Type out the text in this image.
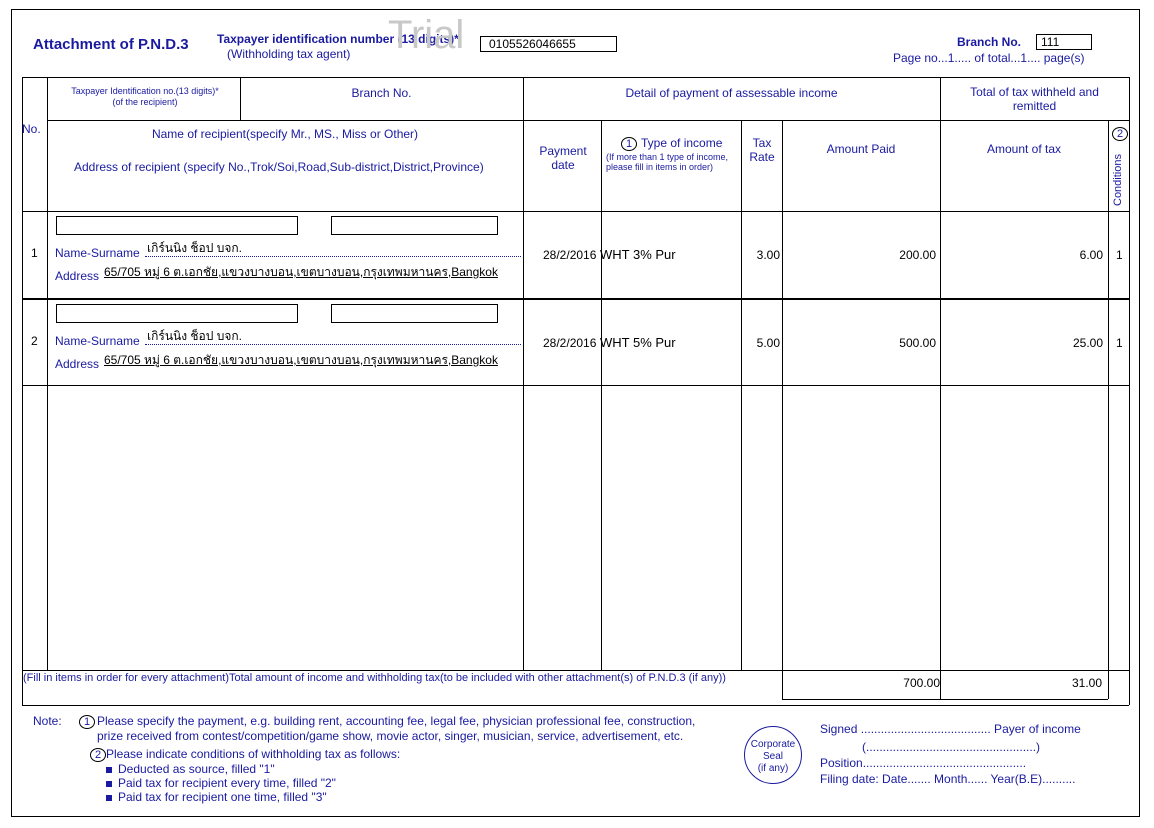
Attachment of P.N.D.3 Taxpayer identification number (13 digits)*
(Withholding tax agent) Trial	0105526046655	Branch No.	111
Page no...1..... of total...1.... page(s)
No.
Taxpayer Identification no.(13 digits)*
(of the recipient)
Branch No.	Detail of payment of assessable income	Total of tax withheld and remitted
Name of recipient(specify Mr., MS., Miss or Other)
Address of recipient (specify No.,Trok/Soi,Road,Sub-district,District,Province)
Payment date
1 Type of income
(If more than 1 type of income, please fill in items in order)
Tax Rate
Amount Paid	Amount of tax
2
Conditions
1 Name-Surname เกิร์นนิง ช็อป บจก.
Address 65/705 หมู่ 6 ต.เอกชัย,แขวงบางบอน,เขตบางบอน,กรุงเทพมหานคร,Bangkok
28/2/2016 WHT 3% Pur	3.00	200.00	6.00 1
2 Name-Surname เกิร์นนิง ช็อป บจก.
Address 65/705 หมู่ 6 ต.เอกชัย,แขวงบางบอน,เขตบางบอน,กรุงเทพมหานคร,Bangkok
28/2/2016 WHT 5% Pur	5.00	500.00	25.00 1
(Fill in items in order for every attachment)Total amount of income and withholding tax(to be included with other attachment(s) of P.N.D.3 (if any))	700.00	31.00
Note:	1 Please specify the payment, e.g. building rent, accounting fee, legal fee, physician professional fee, construction,
prize received from contest/competition/game show, movie actor, singer, musician, service, advertisement, etc.
2 Please indicate conditions of withholding tax as follows:
Deducted as source, filled "1"
Paid tax for recipient every time, filled "2"
Paid tax for recipient one time, filled "3"
Corporate
Seal
(if any)
Signed ....................................... Payer of income
(...................................................)
Position.................................................
Filing date: Date....... Month...... Year(B.E)..........
